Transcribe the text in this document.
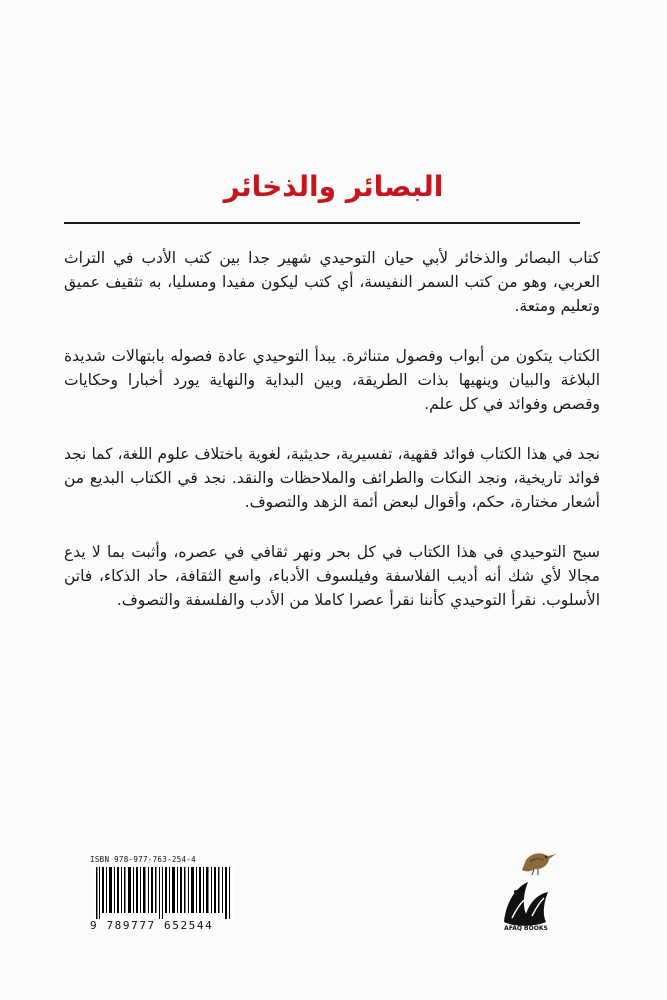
البصائر والذخائر

كتاب البصائر والذخائر لأبي حيان التوحيدي شهير جدا بين كتب الأدب في التراث العربي، وهو من كتب السمر النفيسة، أي كتب ليكون مفيدا ومسليا، به تثقيف عميق وتعليم ومتعة.

الكتاب يتكون من أبواب وفصول متناثرة. يبدأ التوحيدي عادة فصوله بابتهالات شديدة البلاغة والبيان وينهيها بذات الطريقة، وبين البداية والنهاية يورد أخبارا وحكايات وقصص وفوائد في كل علم.

نجد في هذا الكتاب فوائد فقهية، تفسيرية، حديثية، لغوية باختلاف علوم اللغة، كما نجد فوائد تاريخية، ونجد النكات والطرائف والملاحظات والنقد. نجد في الكتاب البديع من أشعار مختارة، حكم، وأقوال لبعض أئمة الزهد والتصوف.

سبح التوحيدي في هذا الكتاب في كل بحر ونهر ثقافي في عصره، وأثبت بما لا يدع مجالا لأي شك أنه أديب الفلاسفة وفيلسوف الأدباء، واسع الثقافة، حاد الذكاء، فاتن الأسلوب. نقرأ التوحيدي كأننا نقرأ عصرا كاملا من الأدب والفلسفة والتصوف.

ISBN 978-977-763-254-4
9 789777 652544	AFAQ BOOKS
